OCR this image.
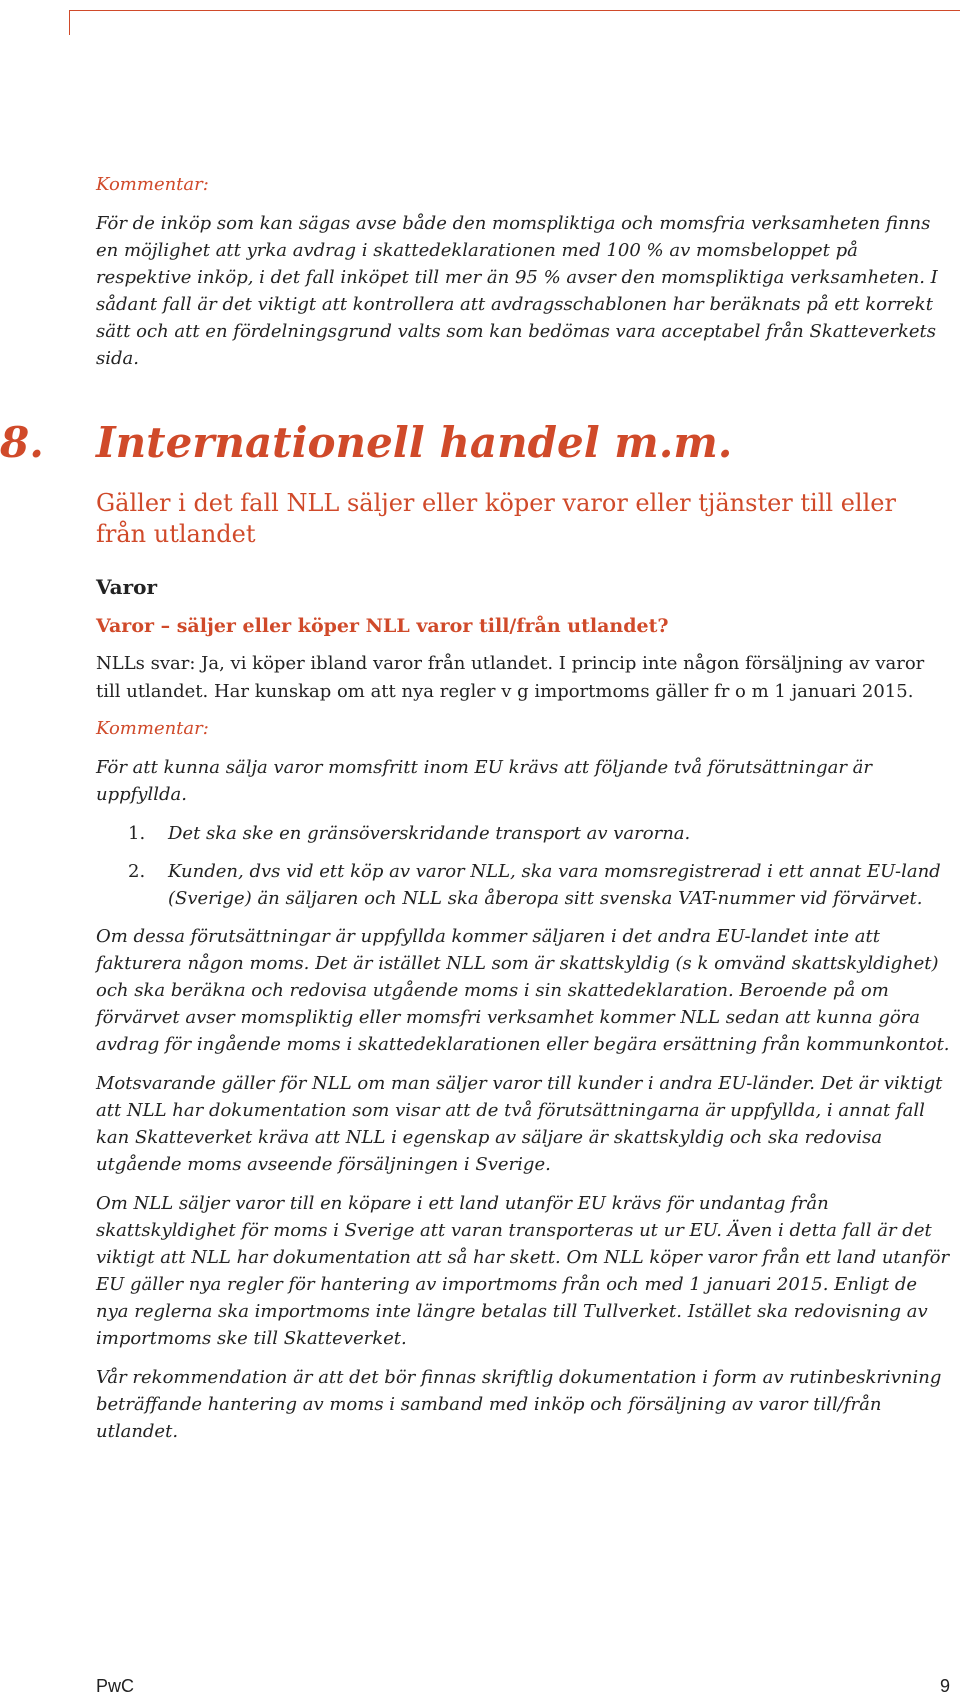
Kommentar:

För de inköp som kan sägas avse både den momspliktiga och momsfria verksamheten finns en möjlighet att yrka avdrag i skattedeklarationen med 100 % av momsbeloppet på respektive inköp, i det fall inköpet till mer än 95 % avser den momspliktiga verksamheten. I sådant fall är det viktigt att kontrollera att avdragsschablonen har beräknats på ett korrekt sätt och att en fördelningsgrund valts som kan bedömas vara acceptabel från Skatteverkets sida.

8. Internationell handel m.m.

Gäller i det fall NLL säljer eller köper varor eller tjänster till eller från utlandet

Varor

Varor – säljer eller köper NLL varor till/från utlandet?

NLLs svar: Ja, vi köper ibland varor från utlandet. I princip inte någon försäljning av varor till utlandet. Har kunskap om att nya regler v g importmoms gäller fr o m 1 januari 2015.

Kommentar:

För att kunna sälja varor momsfritt inom EU krävs att följande två förutsättningar är uppfyllda.

1. Det ska ske en gränsöverskridande transport av varorna.
2. Kunden, dvs vid ett köp av varor NLL, ska vara momsregistrerad i ett annat EU-land (Sverige) än säljaren och NLL ska åberopa sitt svenska VAT-nummer vid förvärvet.

Om dessa förutsättningar är uppfyllda kommer säljaren i det andra EU-landet inte att fakturera någon moms. Det är istället NLL som är skattskyldig (s k omvänd skattskyldighet) och ska beräkna och redovisa utgående moms i sin skattedeklaration. Beroende på om förvärvet avser momspliktig eller momsfri verksamhet kommer NLL sedan att kunna göra avdrag för ingående moms i skattedeklarationen eller begära ersättning från kommunkontot.

Motsvarande gäller för NLL om man säljer varor till kunder i andra EU-länder. Det är viktigt att NLL har dokumentation som visar att de två förutsättningarna är uppfyllda, i annat fall kan Skatteverket kräva att NLL i egenskap av säljare är skattskyldig och ska redovisa utgående moms avseende försäljningen i Sverige.

Om NLL säljer varor till en köpare i ett land utanför EU krävs för undantag från skattskyldighet för moms i Sverige att varan transporteras ut ur EU. Även i detta fall är det viktigt att NLL har dokumentation att så har skett. Om NLL köper varor från ett land utanför EU gäller nya regler för hantering av importmoms från och med 1 januari 2015. Enligt de nya reglerna ska importmoms inte längre betalas till Tullverket. Istället ska redovisning av importmoms ske till Skatteverket.

Vår rekommendation är att det bör finnas skriftlig dokumentation i form av rutinbeskrivning beträffande hantering av moms i samband med inköp och försäljning av varor till/från utlandet.

PwC	9
